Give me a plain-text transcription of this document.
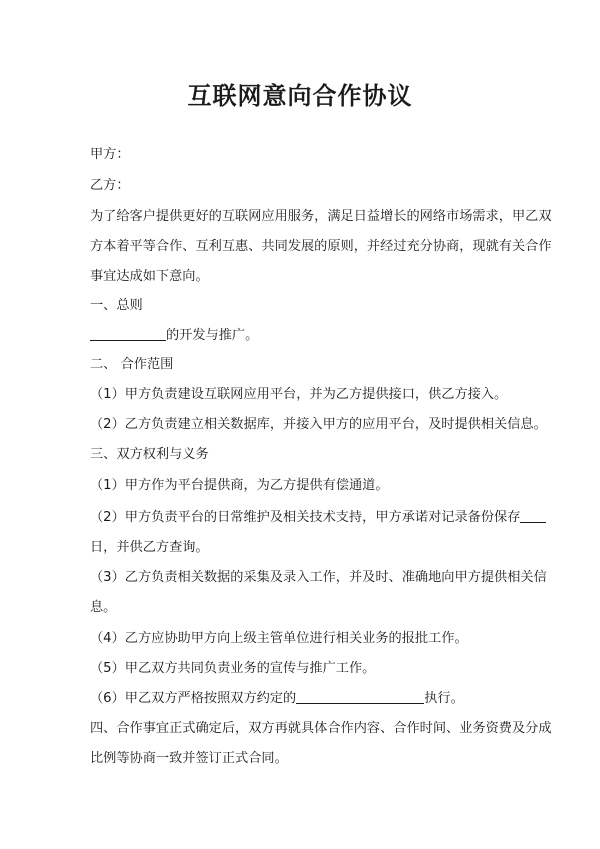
互联网意向合作协议
甲方：
乙方：
为了给客户提供更好的互联网应用服务，满足日益增长的网络市场需求，甲乙双
方本着平等合作、互利互惠、共同发展的原则，并经过充分协商，现就有关合作
事宜达成如下意向。
一、总则
的开发与推广。
二、 合作范围
（1）甲方负责建设互联网应用平台，并为乙方提供接口，供乙方接入。
（2）乙方负责建立相关数据库，并接入甲方的应用平台，及时提供相关信息。
三、双方权利与义务
（1）甲方作为平台提供商，为乙方提供有偿通道。
（2）甲方负责平台的日常维护及相关技术支持，甲方承诺对记录备份保存
日，并供乙方查询。
（3）乙方负责相关数据的采集及录入工作，并及时、准确地向甲方提供相关信
息。
（4）乙方应协助甲方向上级主管单位进行相关业务的报批工作。
（5）甲乙双方共同负责业务的宣传与推广工作。
（6）甲乙双方严格按照双方约定的	执行。
四、合作事宜正式确定后，双方再就具体合作内容、合作时间、业务资费及分成
比例等协商一致并签订正式合同。
